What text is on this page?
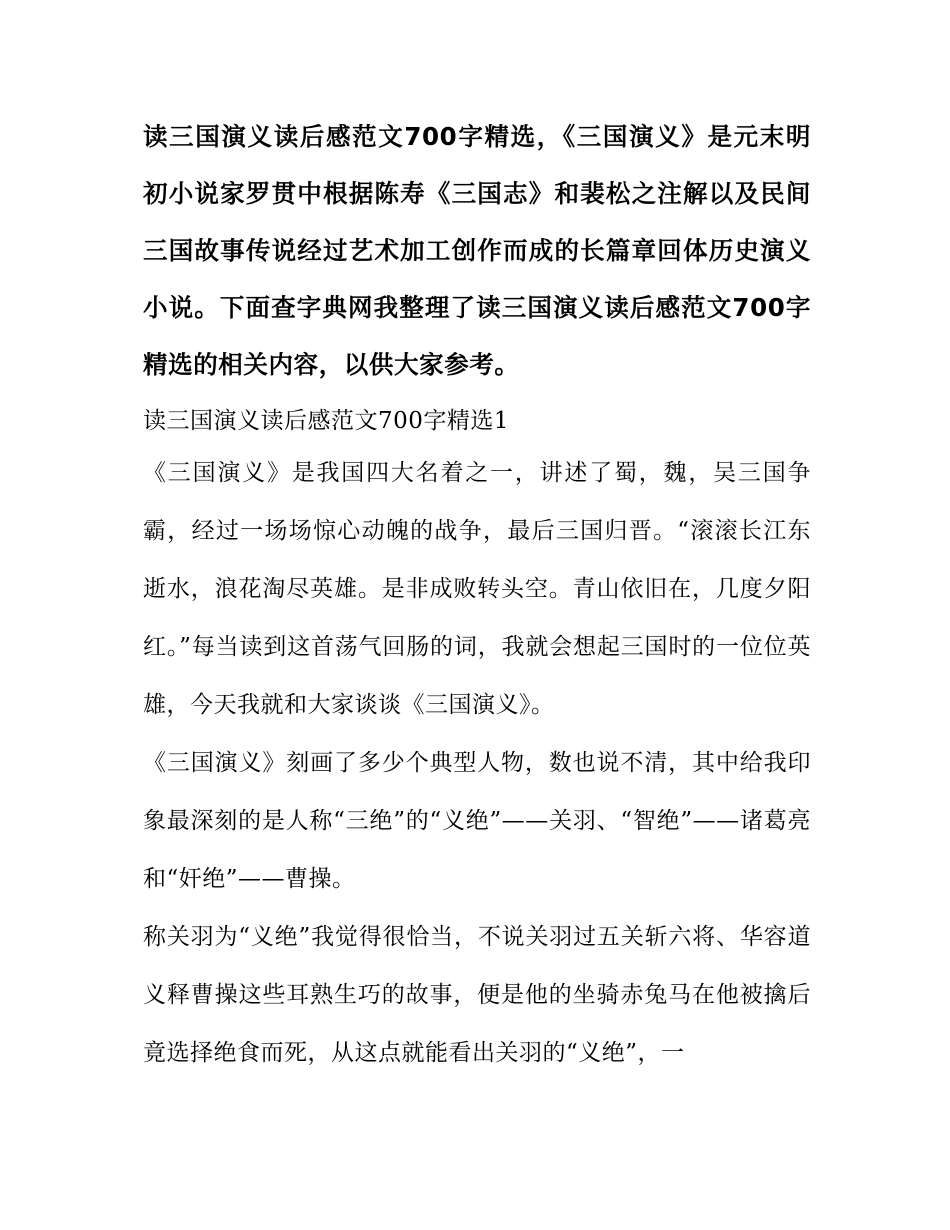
读三国演义读后感范文700字精选，《三国演义》是元末明初小说家罗贯中根据陈寿《三国志》和裴松之注解以及民间三国故事传说经过艺术加工创作而成的长篇章回体历史演义小说。下面查字典网我整理了读三国演义读后感范文700字精选的相关内容，以供大家参考。

读三国演义读后感范文700字精选1

《三国演义》是我国四大名着之一，讲述了蜀，魏，吴三国争霸，经过一场场惊心动魄的战争，最后三国归晋。“滚滚长江东逝水，浪花淘尽英雄。是非成败转头空。青山依旧在，几度夕阳红。”每当读到这首荡气回肠的词，我就会想起三国时的一位位英雄，今天我就和大家谈谈《三国演义》。

《三国演义》刻画了多少个典型人物，数也说不清，其中给我印象最深刻的是人称“三绝”的“义绝”——关羽、“智绝”——诸葛亮和“奸绝”——曹操。

称关羽为“义绝”我觉得很恰当，不说关羽过五关斩六将、华容道义释曹操这些耳熟生巧的故事，便是他的坐骑赤兔马在他被擒后竟选择绝食而死，从这点就能看出关羽的“义绝”，一
